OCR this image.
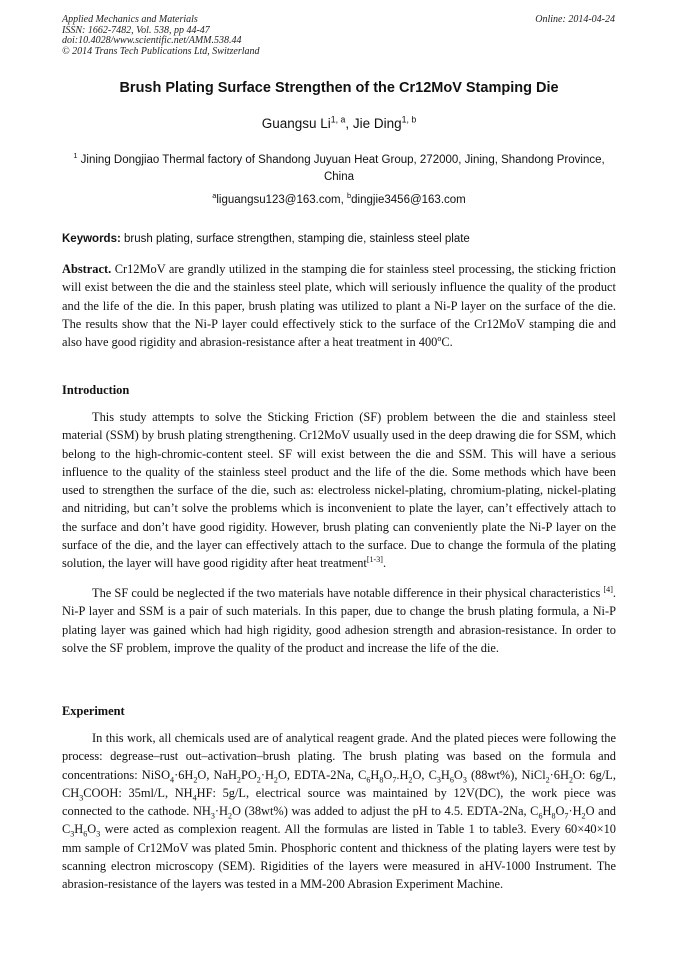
Applied Mechanics and Materials
ISSN: 1662-7482, Vol. 538, pp 44-47
doi:10.4028/www.scientific.net/AMM.538.44
© 2014 Trans Tech Publications Ltd, Switzerland
Online: 2014-04-24
Brush Plating Surface Strengthen of the Cr12MoV Stamping Die
Guangsu Li$^{1, a}$, Jie Ding$^{1, b}$
$^1$ Jining Dongjiao Thermal factory of Shandong Juyuan Heat Group, 272000, Jining, Shandong Province, China
$^a$liguangsu123@163.com, $^b$dingjie3456@163.com
Keywords: brush plating, surface strengthen, stamping die, stainless steel plate
Abstract. Cr12MoV are grandly utilized in the stamping die for stainless steel processing, the sticking friction will exist between the die and the stainless steel plate, which will seriously influence the quality of the product and the life of the die. In this paper, brush plating was utilized to plant a Ni-P layer on the surface of the die. The results show that the Ni-P layer could effectively stick to the surface of the Cr12MoV stamping die and also have good rigidity and abrasion-resistance after a heat treatment in 400$^o$C.
Introduction
This study attempts to solve the Sticking Friction (SF) problem between the die and stainless steel material (SSM) by brush plating strengthening. Cr12MoV usually used in the deep drawing die for SSM, which belong to the high-chromic-content steel. SF will exist between the die and SSM. This will have a serious influence to the quality of the stainless steel product and the life of the die. Some methods which have been used to strengthen the surface of the die, such as: electroless nickel-plating, chromium-plating, nickel-plating and nitriding, but can’t solve the problems which is inconvenient to plate the layer, can’t effectively attach to the surface and don’t have good rigidity. However, brush plating can conveniently plate the Ni-P layer on the surface of the die, and the layer can effectively attach to the surface. Due to change the formula of the plating solution, the layer will have good rigidity after heat treatment[1-3].
The SF could be neglected if the two materials have notable difference in their physical characteristics [4]. Ni-P layer and SSM is a pair of such materials. In this paper, due to change the brush plating formula, a Ni-P plating layer was gained which had high rigidity, good adhesion strength and abrasion-resistance. In order to solve the SF problem, improve the quality of the product and increase the life of the die.
Experiment
In this work, all chemicals used are of analytical reagent grade. And the plated pieces were following the process: degrease–rust out–activation–brush plating. The brush plating was based on the formula and concentrations: $NiSO_4\cdot 6H_2O$, $NaH_2PO_2\cdot H_2O$, EDTA-2Na, $C_6H_8O_7.H_2O$, $C_3H_6O_3$ (88wt%), $NiCl_2\cdot 6H_2O$: 6g/L, $CH_3COOH$: 35ml/L, $NH_4HF$: 5g/L, electrical source was maintained by 12V(DC), the work piece was connected to the cathode. $NH_3\cdot H_2O$ (38wt%) was added to adjust the pH to 4.5. EDTA-2Na, $C_6H_8O_7\cdot H_2O$ and $C_3H_6O_3$ were acted as complexion reagent. All the formulas are listed in Table 1 to table3. Every 60×40×10 mm sample of Cr12MoV was plated 5min. Phosphoric content and thickness of the plating layers were test by scanning electron microscopy (SEM). Rigidities of the layers were measured in aHV-1000 Instrument. The abrasion-resistance of the layers was tested in a MM-200 Abrasion Experiment Machine.
